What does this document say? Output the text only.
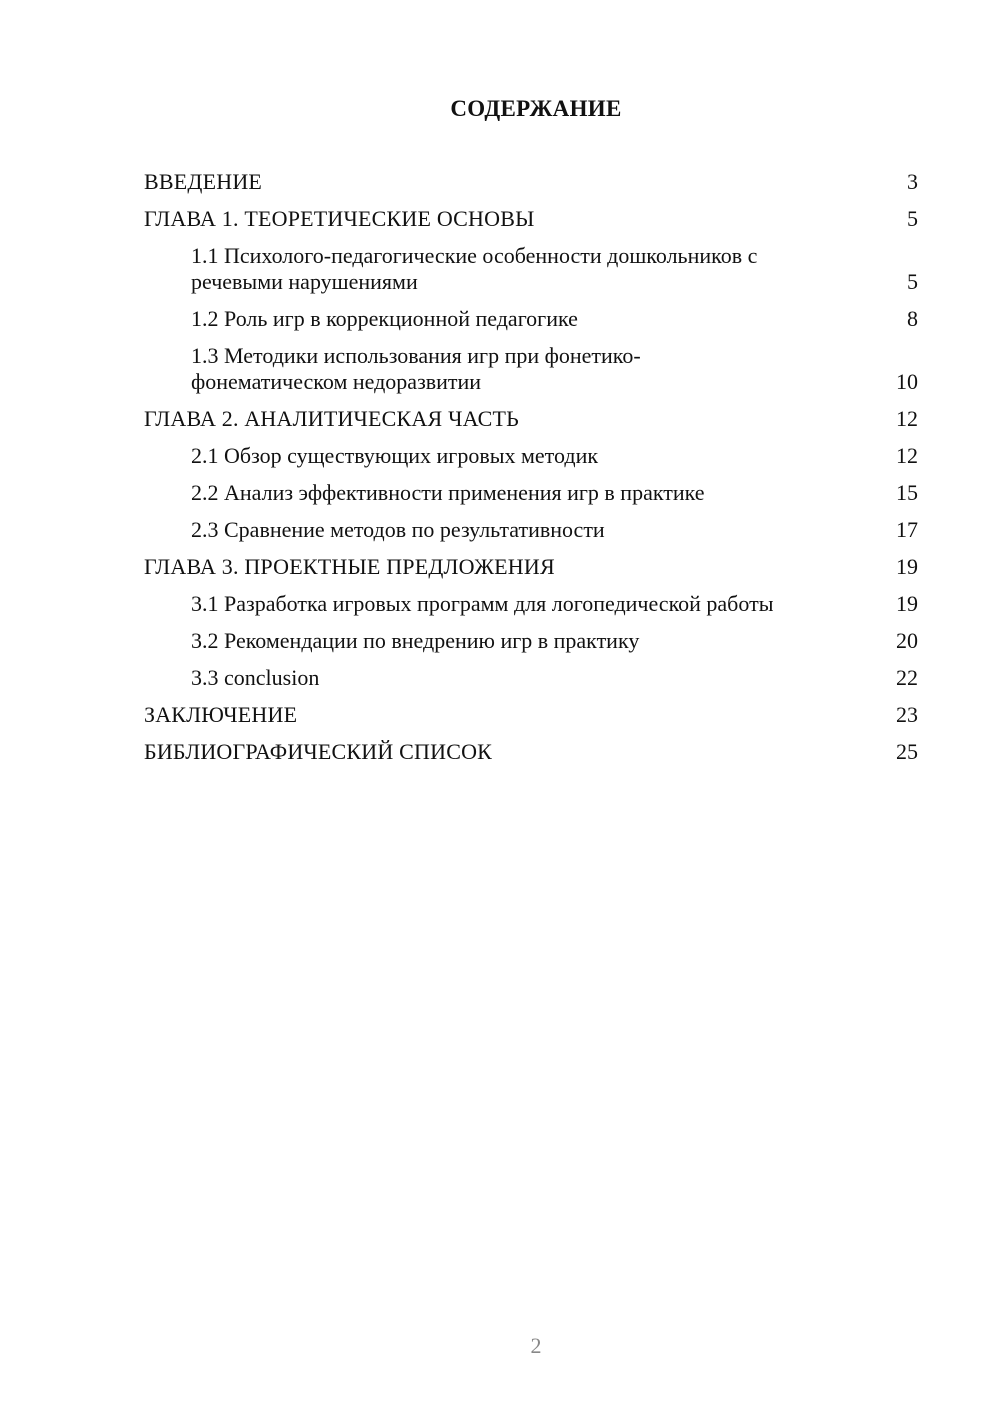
СОДЕРЖАНИЕ
ВВЕДЕНИЕ	3
ГЛАВА 1. ТЕОРЕТИЧЕСКИЕ ОСНОВЫ	5
1.1 Психолого-педагогические особенности дошкольников с речевыми нарушениями	5
1.2 Роль игр в коррекционной педагогике	8
1.3 Методики использования игр при фонетико-фонематическом недоразвитии	10
ГЛАВА 2. АНАЛИТИЧЕСКАЯ ЧАСТЬ	12
2.1 Обзор существующих игровых методик	12
2.2 Анализ эффективности применения игр в практике	15
2.3 Сравнение методов по результативности	17
ГЛАВА 3. ПРОЕКТНЫЕ ПРЕДЛОЖЕНИЯ	19
3.1 Разработка игровых программ для логопедической работы	19
3.2 Рекомендации по внедрению игр в практику	20
3.3 conclusion	22
ЗАКЛЮЧЕНИЕ	23
БИБЛИОГРАФИЧЕСКИЙ СПИСОК	25
2
